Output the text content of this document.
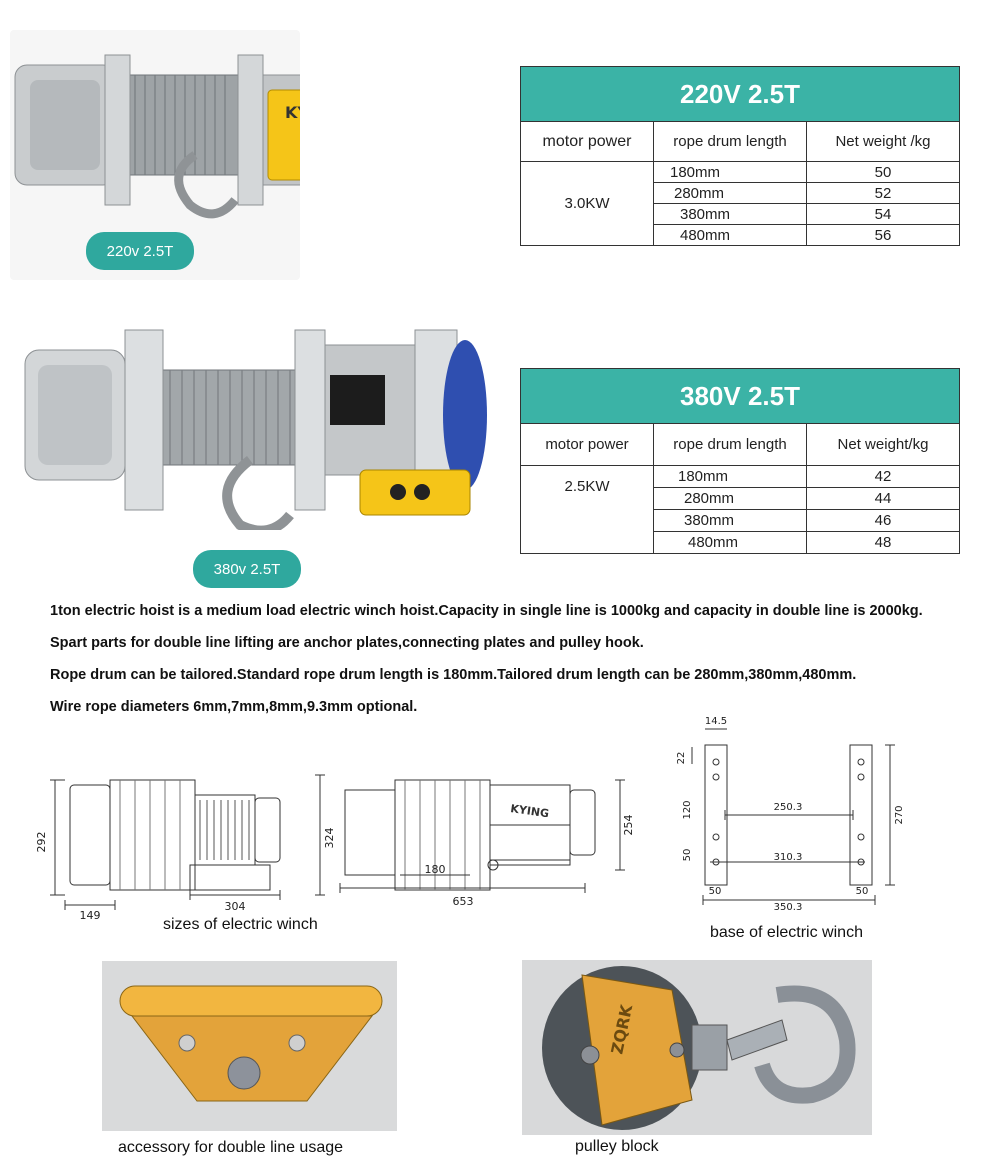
KYING
220v 2.5T
220V 2.5T		
motor power	rope drum length	Net weight /kg
3.0KW	180mm	50
	280mm	52
	380mm	54
	480mm	56
380v 2.5T
380V 2.5T		
motor power	rope drum length	Net weight/kg
2.5KW	180mm	42
	280mm	44
	380mm	46
	480mm	48
1ton electric hoist is a medium load electric winch hoist.Capacity in single line is 1000kg and capacity in double line is 2000kg.
Spart parts for double line lifting are anchor plates,connecting plates and pulley hook.
Rope drum can be tailored.Standard rope drum length is 180mm.Tailored drum length can be 280mm,380mm,480mm.
Wire rope diameters 6mm,7mm,8mm,9.3mm optional.
KYING
292	324
149
304
180
653
254
sizes of electric winch
14.5
22
120
50
250.3
310.3
270
50	50
350.3
base of electric winch
accessory for double line usage
ZQRK
pulley block
